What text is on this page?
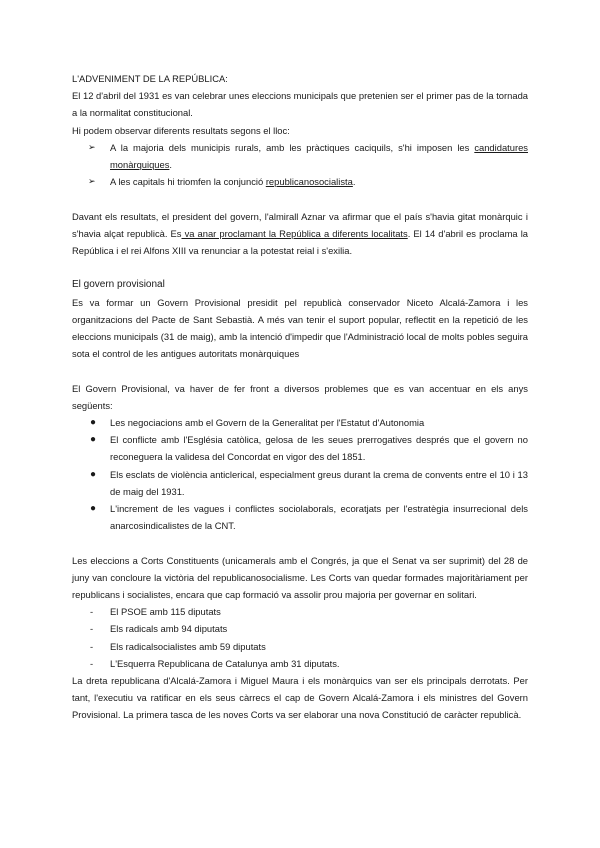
L'ADVENIMENT DE LA REPÚBLICA:

El 12 d'abril del 1931 es van celebrar unes eleccions municipals que pretenien ser el primer pas de la tornada a la normalitat constitucional.

Hi podem observar diferents resultats segons el lloc:

➢ A la majoria dels municipis rurals, amb les pràctiques caciquils, s'hi imposen les candidatures monàrquiques.
➢ A les capitals hi triomfen la conjunció republicanosocialista.

Davant els resultats, el president del govern, l'almirall Aznar va afirmar que el país s'havia gitat monàrquic i s'havia alçat republicà. Es va anar proclamant la República a diferents localitats. El 14 d'abril es proclama la República i el rei Alfons XIII va renunciar a la potestat reial i s'exilia.

El govern provisional

Es va formar un Govern Provisional presidit pel republicà conservador Niceto Alcalá-Zamora i les organitzacions del Pacte de Sant Sebastià. A més van tenir el suport popular, reflectit en la repetició de les eleccions municipals (31 de maig), amb la intenció d'impedir que l'Administració local de molts pobles seguira sota el control de les antigues autoritats monàrquiques

El Govern Provisional, va haver de fer front a diversos problemes que es van accentuar en els anys següents:

● Les negociacions amb el Govern de la Generalitat per l'Estatut d'Autonomia
● El conflicte amb l'Església catòlica, gelosa de les seues prerrogatives després que el govern no reconeguera la validesa del Concordat en vigor des del 1851.
● Els esclats de violència anticlerical, especialment greus durant la crema de convents entre el 10 i 13 de maig del 1931.
● L'increment de les vagues i conflictes sociolaborals, ecoratjats per l'estratègia insurrecional dels anarcosindicalistes de la CNT.

Les eleccions a Corts Constituents (unicamerals amb el Congrés, ja que el Senat va ser suprimit) del 28 de juny van concloure la victòria del republicanosocialisme. Les Corts van quedar formades majoritàriament per republicans i socialistes, encara que cap formació va assolir prou majoria per governar en solitari.

- El PSOE amb 115 diputats
- Els radicals amb 94 diputats
- Els radicalsocialistes amb 59 diputats
- L'Esquerra Republicana de Catalunya amb 31 diputats.

La dreta republicana d'Alcalá-Zamora i Miguel Maura i els monàrquics van ser els principals derrotats. Per tant, l'executiu va ratificar en els seus càrrecs el cap de Govern Alcalá-Zamora i els ministres del Govern Provisional. La primera tasca de les noves Corts va ser elaborar una nova Constitució de caràcter republicà.
